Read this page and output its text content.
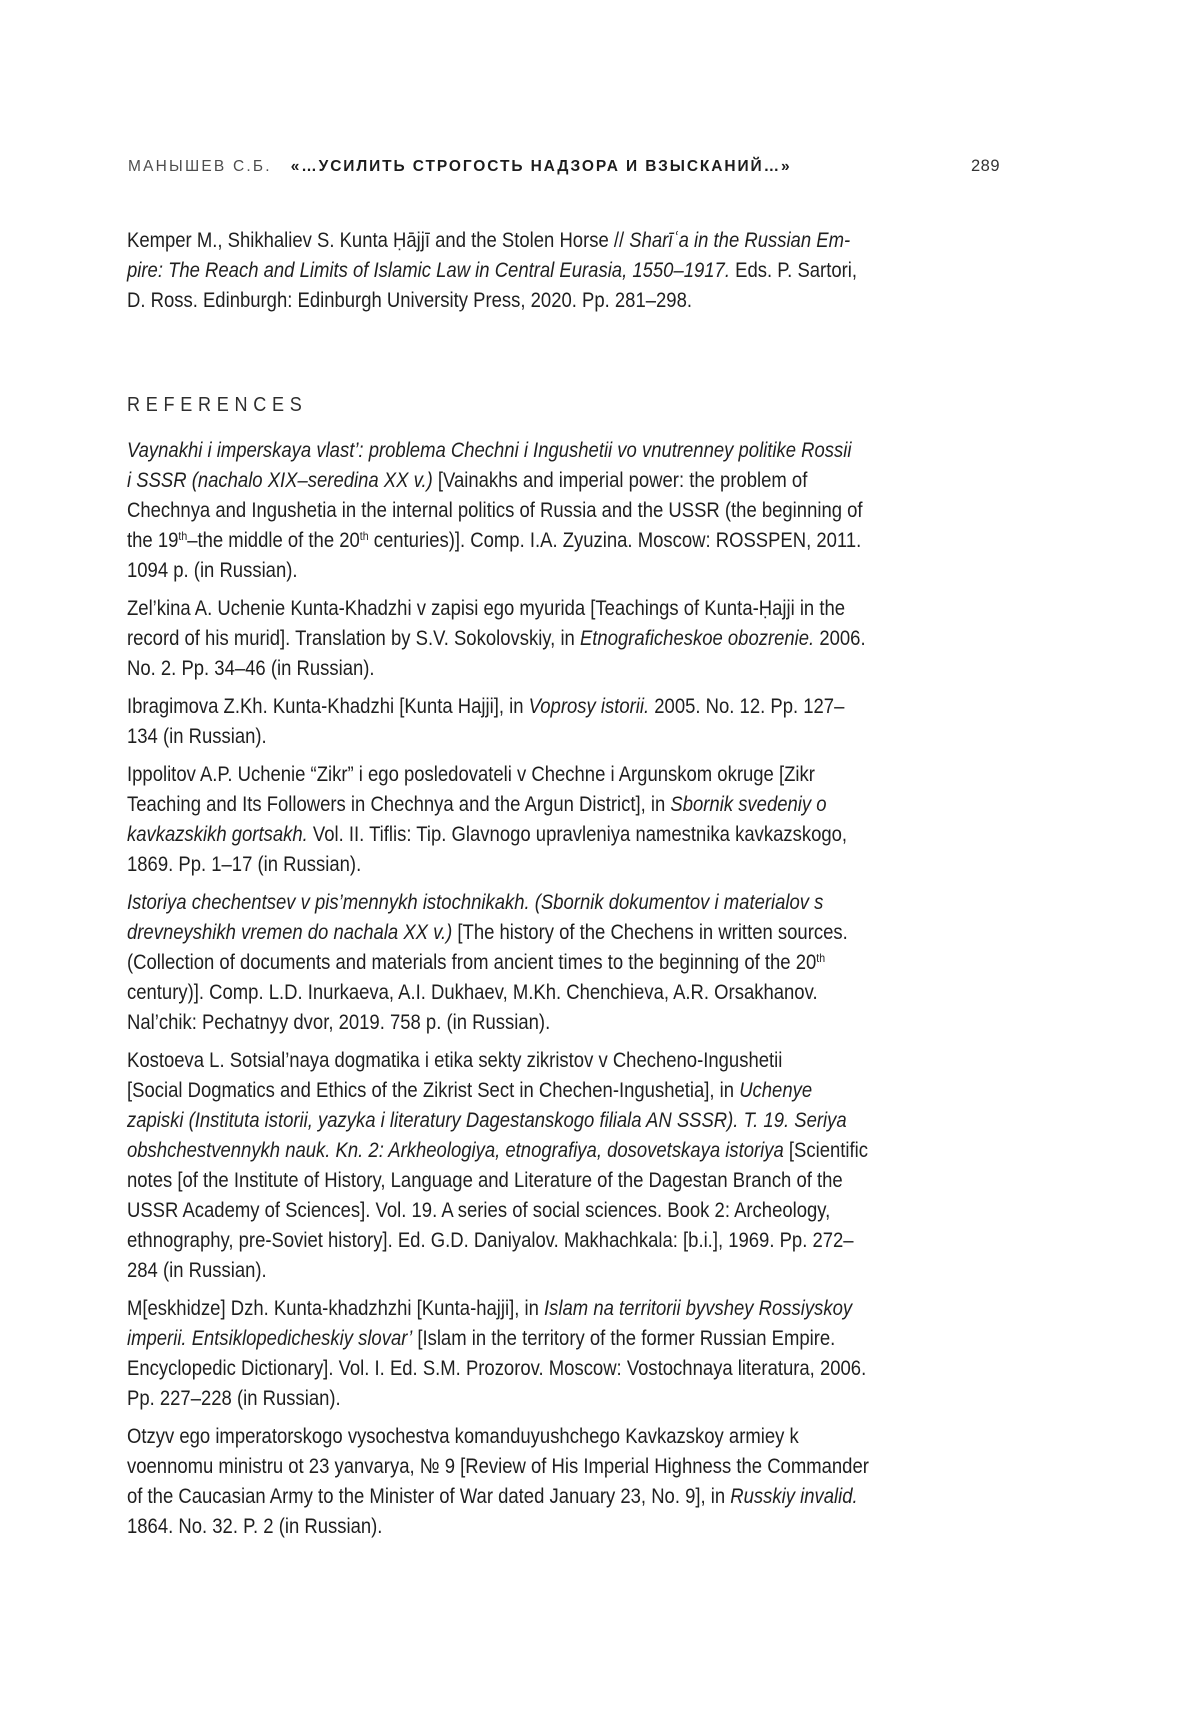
МАНЫШЕВ С.Б. «…УСИЛИТЬ СТРОГОСТЬ НАДЗОРА И ВЗЫСКАНИЙ…»	289
Kemper M., Shikhaliev S. Kunta Ḥājjī and the Stolen Horse // Sharīʿa in the Russian Em-
pire: The Reach and Limits of Islamic Law in Central Eurasia, 1550–1917. Eds. P. Sartori,
D. Ross. Edinburgh: Edinburgh University Press, 2020. Pp. 281–298.
REFERENCES
Vaynakhi i imperskaya vlast’: problema Chechni i Ingushetii vo vnutrenney politike Rossii
i SSSR (nachalo XIX–seredina XX v.) [Vainakhs and imperial power: the problem of
Chechnya and Ingushetia in the internal politics of Russia and the USSR (the beginning of
the 19th–the middle of the 20th centuries)]. Comp. I.A. Zyuzina. Moscow: ROSSPEN, 2011.
1094 p. (in Russian).
Zel’kina A. Uchenie Kunta-Khadzhi v zapisi ego myurida [Teachings of Kunta-Ḥajji in the
record of his murid]. Translation by S.V. Sokolovskiy, in Etnograficheskoe obozrenie. 2006.
No. 2. Pp. 34–46 (in Russian).
Ibragimova Z.Kh. Kunta-Khadzhi [Kunta Hajji], in Voprosy istorii. 2005. No. 12. Pp. 127–
134 (in Russian).
Ippolitov A.P. Uchenie “Zikr” i ego posledovateli v Chechne i Argunskom okruge [Zikr
Teaching and Its Followers in Chechnya and the Argun District], in Sbornik svedeniy o
kavkazskikh gortsakh. Vol. II. Tiflis: Tip. Glavnogo upravleniya namestnika kavkazskogo,
1869. Pp. 1–17 (in Russian).
Istoriya chechentsev v pis’mennykh istochnikakh. (Sbornik dokumentov i materialov s
drevneyshikh vremen do nachala XX v.) [The history of the Chechens in written sources.
(Collection of documents and materials from ancient times to the beginning of the 20th
century)]. Comp. L.D. Inurkaeva, A.I. Dukhaev, M.Kh. Chenchieva, A.R. Orsakhanov.
Nal’chik: Pechatnyy dvor, 2019. 758 p. (in Russian).
Kostoeva L. Sotsial’naya dogmatika i etika sekty zikristov v Checheno-Ingushetii
[Social Dogmatics and Ethics of the Zikrist Sect in Chechen-Ingushetia], in Uchenye
zapiski (Instituta istorii, yazyka i literatury Dagestanskogo filiala AN SSSR). T. 19. Seriya
obshchestvennykh nauk. Kn. 2: Arkheologiya, etnografiya, dosovetskaya istoriya [Scientific
notes [of the Institute of History, Language and Literature of the Dagestan Branch of the
USSR Academy of Sciences]. Vol. 19. A series of social sciences. Book 2: Archeology,
ethnography, pre-Soviet history]. Ed. G.D. Daniyalov. Makhachkala: [b.i.], 1969. Pp. 272–
284 (in Russian).
M[eskhidze] Dzh. Kunta-khadzhzhi [Kunta-hajji], in Islam na territorii byvshey Rossiyskoy
imperii. Entsiklopedicheskiy slovar’ [Islam in the territory of the former Russian Empire.
Encyclopedic Dictionary]. Vol. I. Ed. S.M. Prozorov. Moscow: Vostochnaya literatura, 2006.
Pp. 227–228 (in Russian).
Otzyv ego imperatorskogo vysochestva komanduyushchego Kavkazskoy armiey k
voennomu ministru ot 23 yanvarya, № 9 [Review of His Imperial Highness the Commander
of the Caucasian Army to the Minister of War dated January 23, No. 9], in Russkiy invalid.
1864. No. 32. P. 2 (in Russian).
